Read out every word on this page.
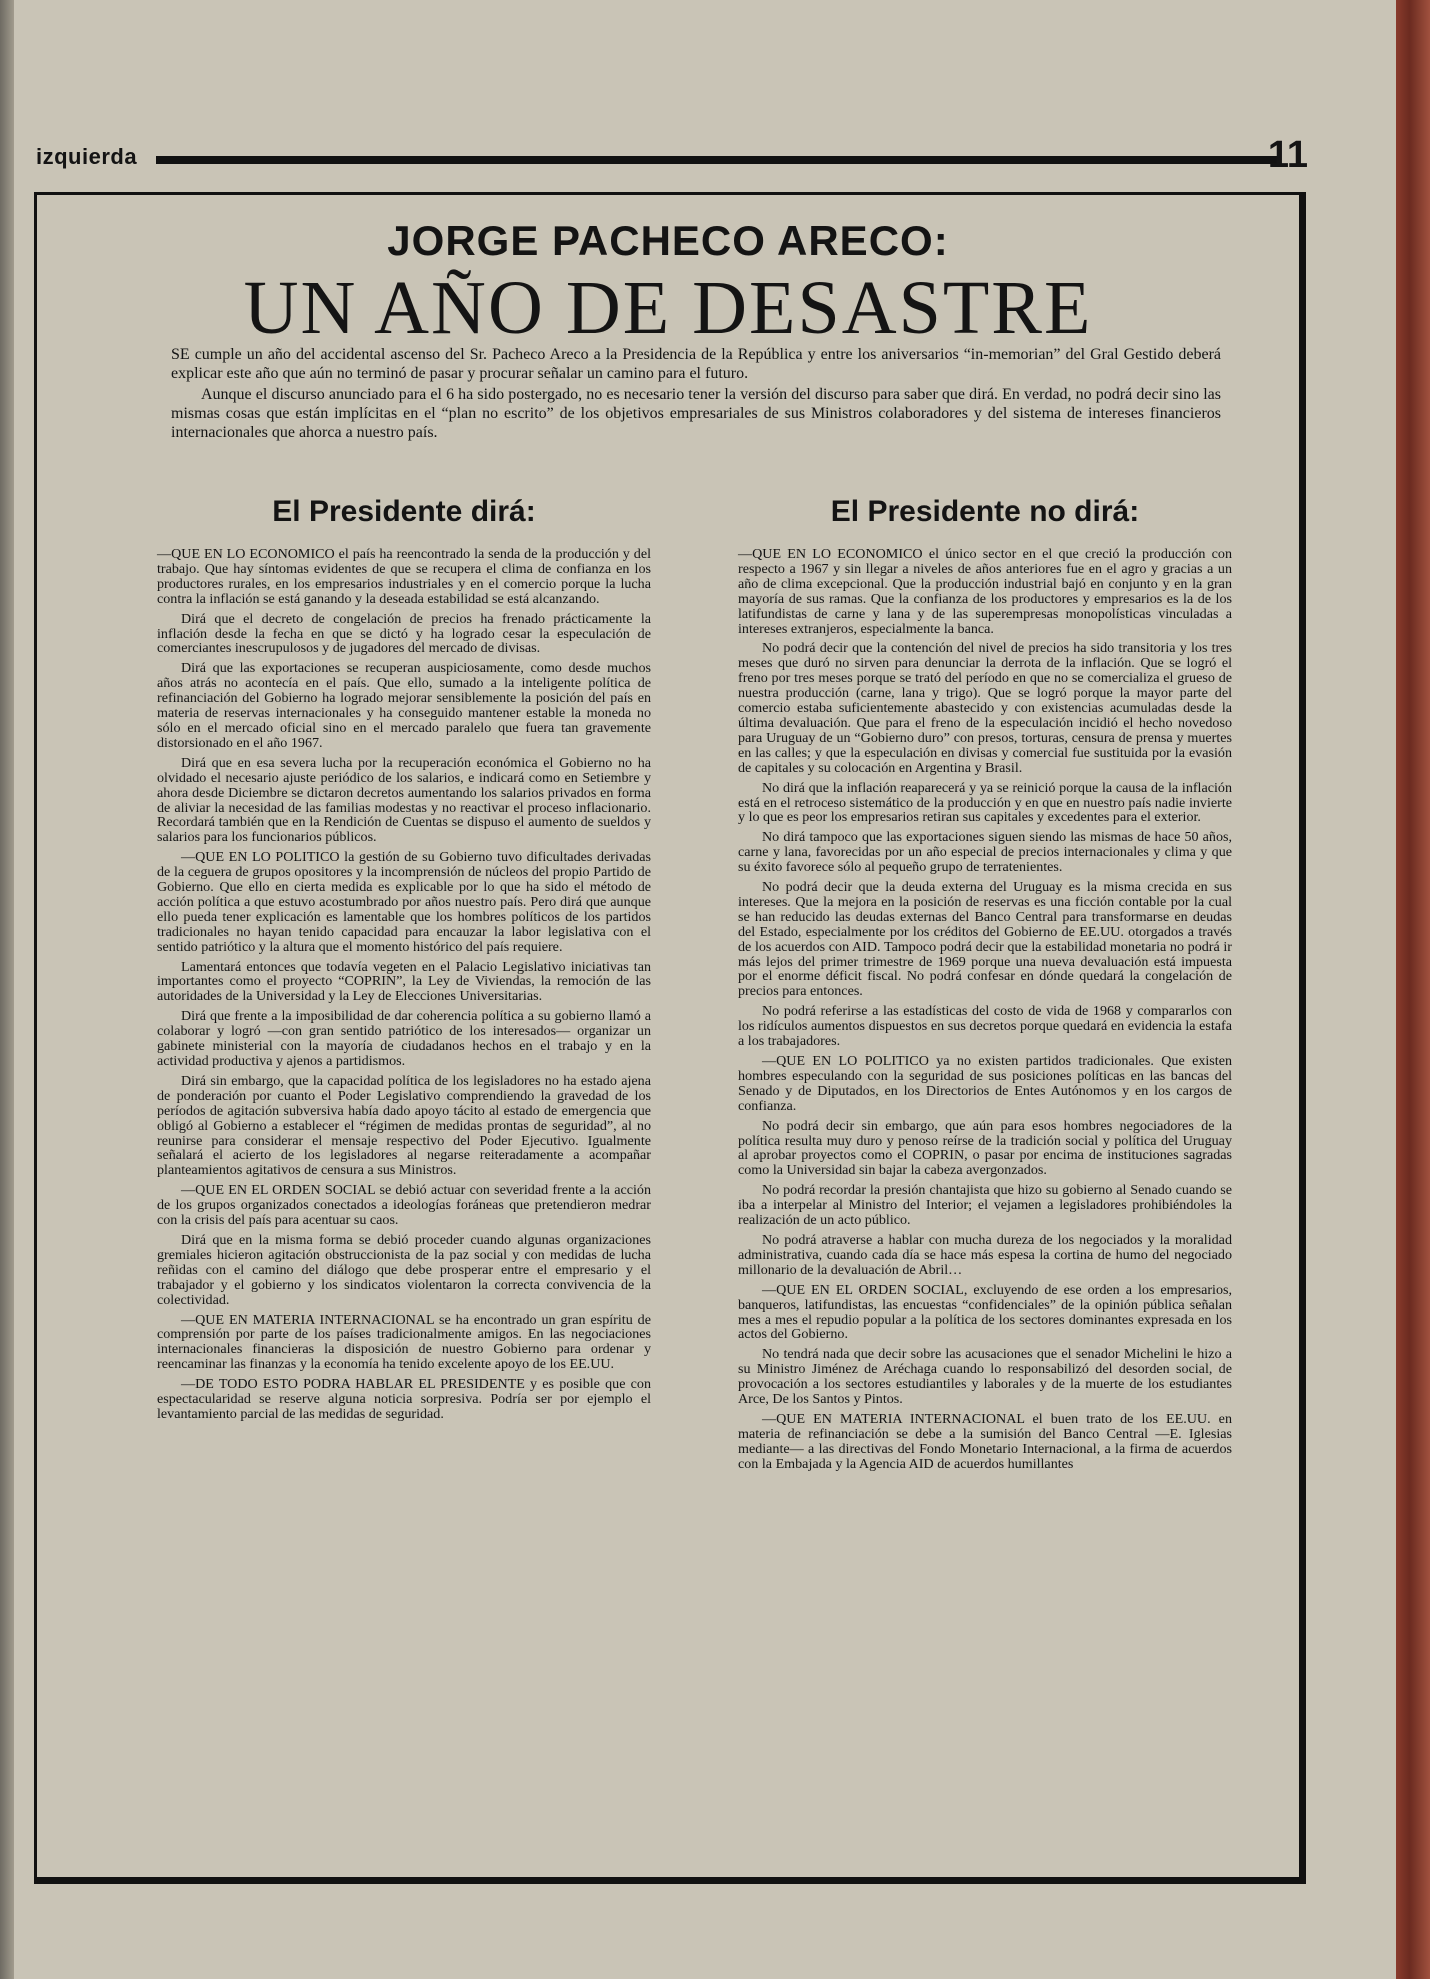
izquierda	11
JORGE PACHECO ARECO:
UN AÑO DE DESASTRE

SE cumple un año del accidental ascenso del Sr. Pacheco Areco a la Presidencia de la República y entre los aniversarios “in-memorian” del Gral Gestido deberá explicar este año que aún no terminó de pasar y procurar señalar un camino para el futuro.

Aunque el discurso anunciado para el 6 ha sido postergado, no es necesario tener la versión del discurso para saber que dirá. En verdad, no podrá decir sino las mismas cosas que están implícitas en el “plan no escrito” de los objetivos empresariales de sus Ministros colaboradores y del sistema de intereses financieros internacionales que ahorca a nuestro país.

El Presidente dirá:

—QUE EN LO ECONOMICO el país ha reencontrado la senda de la producción y del trabajo. Que hay síntomas evidentes de que se recupera el clima de confianza en los productores rurales, en los empresarios industriales y en el comercio porque la lucha contra la inflación se está ganando y la deseada estabilidad se está alcanzando.

Dirá que el decreto de congelación de precios ha frenado prácticamente la inflación desde la fecha en que se dictó y ha logrado cesar la especulación de comerciantes inescrupulosos y de jugadores del mercado de divisas.

Dirá que las exportaciones se recuperan auspiciosamente, como desde muchos años atrás no acontecía en el país. Que ello, sumado a la inteligente política de refinanciación del Gobierno ha logrado mejorar sensiblemente la posición del país en materia de reservas internacionales y ha conseguido mantener estable la moneda no sólo en el mercado oficial sino en el mercado paralelo que fuera tan gravemente distorsionado en el año 1967.

Dirá que en esa severa lucha por la recuperación económica el Gobierno no ha olvidado el necesario ajuste periódico de los salarios, e indicará como en Setiembre y ahora desde Diciembre se dictaron decretos aumentando los salarios privados en forma de aliviar la necesidad de las familias modestas y no reactivar el proceso inflacionario. Recordará también que en la Rendición de Cuentas se dispuso el aumento de sueldos y salarios para los funcionarios públicos.

—QUE EN LO POLITICO la gestión de su Gobierno tuvo dificultades derivadas de la ceguera de grupos opositores y la incomprensión de núcleos del propio Partido de Gobierno. Que ello en cierta medida es explicable por lo que ha sido el método de acción política a que estuvo acostumbrado por años nuestro país. Pero dirá que aunque ello pueda tener explicación es lamentable que los hombres políticos de los partidos tradicionales no hayan tenido capacidad para encauzar la labor legislativa con el sentido patriótico y la altura que el momento histórico del país requiere.

Lamentará entonces que todavía vegeten en el Palacio Legislativo iniciativas tan importantes como el proyecto “COPRIN”, la Ley de Viviendas, la remoción de las autoridades de la Universidad y la Ley de Elecciones Universitarias.

Dirá que frente a la imposibilidad de dar coherencia política a su gobierno llamó a colaborar y logró —con gran sentido patriótico de los interesados— organizar un gabinete ministerial con la mayoría de ciudadanos hechos en el trabajo y en la actividad productiva y ajenos a partidismos.

Dirá sin embargo, que la capacidad política de los legisladores no ha estado ajena de ponderación por cuanto el Poder Legislativo comprendiendo la gravedad de los períodos de agitación subversiva había dado apoyo tácito al estado de emergencia que obligó al Gobierno a establecer el “régimen de medidas prontas de seguridad”, al no reunirse para considerar el mensaje respectivo del Poder Ejecutivo. Igualmente señalará el acierto de los legisladores al negarse reiteradamente a acompañar planteamientos agitativos de censura a sus Ministros.

—QUE EN EL ORDEN SOCIAL se debió actuar con severidad frente a la acción de los grupos organizados conectados a ideologías foráneas que pretendieron medrar con la crisis del país para acentuar su caos.

Dirá que en la misma forma se debió proceder cuando algunas organizaciones gremiales hicieron agitación obstruccionista de la paz social y con medidas de lucha reñidas con el camino del diálogo que debe prosperar entre el empresario y el trabajador y el gobierno y los sindicatos violentaron la correcta convivencia de la colectividad.

—QUE EN MATERIA INTERNACIONAL se ha encontrado un gran espíritu de comprensión por parte de los países tradicionalmente amigos. En las negociaciones internacionales financieras la disposición de nuestro Gobierno para ordenar y reencaminar las finanzas y la economía ha tenido excelente apoyo de los EE.UU.

—DE TODO ESTO PODRA HABLAR EL PRESIDENTE y es posible que con espectacularidad se reserve alguna noticia sorpresiva. Podría ser por ejemplo el levantamiento parcial de las medidas de seguridad.

El Presidente no dirá:

—QUE EN LO ECONOMICO el único sector en el que creció la producción con respecto a 1967 y sin llegar a niveles de años anteriores fue en el agro y gracias a un año de clima excepcional. Que la producción industrial bajó en conjunto y en la gran mayoría de sus ramas. Que la confianza de los productores y empresarios es la de los latifundistas de carne y lana y de las superempresas monopolísticas vinculadas a intereses extranjeros, especialmente la banca.

No podrá decir que la contención del nivel de precios ha sido transitoria y los tres meses que duró no sirven para denunciar la derrota de la inflación. Que se logró el freno por tres meses porque se trató del período en que no se comercializa el grueso de nuestra producción (carne, lana y trigo). Que se logró porque la mayor parte del comercio estaba suficientemente abastecido y con existencias acumuladas desde la última devaluación. Que para el freno de la especulación incidió el hecho novedoso para Uruguay de un “Gobierno duro” con presos, torturas, censura de prensa y muertes en las calles; y que la especulación en divisas y comercial fue sustituida por la evasión de capitales y su colocación en Argentina y Brasil.

No dirá que la inflación reaparecerá y ya se reinició porque la causa de la inflación está en el retroceso sistemático de la producción y en que en nuestro país nadie invierte y lo que es peor los empresarios retiran sus capitales y excedentes para el exterior.

No dirá tampoco que las exportaciones siguen siendo las mismas de hace 50 años, carne y lana, favorecidas por un año especial de precios internacionales y clima y que su éxito favorece sólo al pequeño grupo de terratenientes.

No podrá decir que la deuda externa del Uruguay es la misma crecida en sus intereses. Que la mejora en la posición de reservas es una ficción contable por la cual se han reducido las deudas externas del Banco Central para transformarse en deudas del Estado, especialmente por los créditos del Gobierno de EE.UU. otorgados a través de los acuerdos con AID. Tampoco podrá decir que la estabilidad monetaria no podrá ir más lejos del primer trimestre de 1969 porque una nueva devaluación está impuesta por el enorme déficit fiscal. No podrá confesar en dónde quedará la congelación de precios para entonces.

No podrá referirse a las estadísticas del costo de vida de 1968 y compararlos con los ridículos aumentos dispuestos en sus decretos porque quedará en evidencia la estafa a los trabajadores.

—QUE EN LO POLITICO ya no existen partidos tradicionales. Que existen hombres especulando con la seguridad de sus posiciones políticas en las bancas del Senado y de Diputados, en los Directorios de Entes Autónomos y en los cargos de confianza.

No podrá decir sin embargo, que aún para esos hombres negociadores de la política resulta muy duro y penoso reírse de la tradición social y política del Uruguay al aprobar proyectos como el COPRIN, o pasar por encima de instituciones sagradas como la Universidad sin bajar la cabeza avergonzados.

No podrá recordar la presión chantajista que hizo su gobierno al Senado cuando se iba a interpelar al Ministro del Interior; el vejamen a legisladores prohibiéndoles la realización de un acto público.

No podrá atraverse a hablar con mucha dureza de los negociados y la moralidad administrativa, cuando cada día se hace más espesa la cortina de humo del negociado millonario de la devaluación de Abril…

—QUE EN EL ORDEN SOCIAL, excluyendo de ese orden a los empresarios, banqueros, latifundistas, las encuestas “confidenciales” de la opinión pública señalan mes a mes el repudio popular a la política de los sectores dominantes expresada en los actos del Gobierno.

No tendrá nada que decir sobre las acusaciones que el senador Michelini le hizo a su Ministro Jiménez de Aréchaga cuando lo responsabilizó del desorden social, de provocación a los sectores estudiantiles y laborales y de la muerte de los estudiantes Arce, De los Santos y Pintos.

—QUE EN MATERIA INTERNACIONAL el buen trato de los EE.UU. en materia de refinanciación se debe a la sumisión del Banco Central —E. Iglesias mediante— a las directivas del Fondo Monetario Internacional, a la firma de acuerdos con la Embajada y la Agencia AID de acuerdos humillantes
